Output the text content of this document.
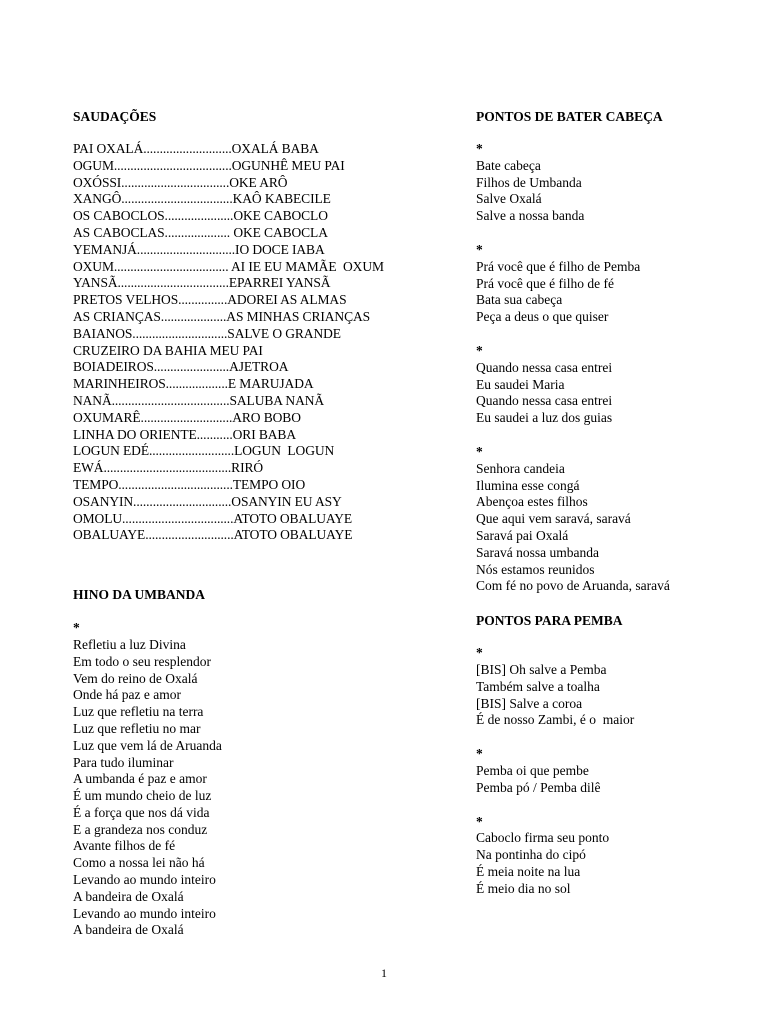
SAUDAÇÕES
PAI OXALÁ...........................OXALÁ BABA
OGUM....................................OGUNHÊ MEU PAI
OXÓSSI.................................OKE ARÔ
XANGÔ..................................KAÔ KABECILE
OS CABOCLOS.....................OKE CABOCLO
AS CABOCLAS.................... OKE CABOCLA
YEMANJÁ..............................IO DOCE IABA
OXUM................................... AI IE EU MAMÃE  OXUM
YANSÃ..................................EPARREI YANSÃ
PRETOS VELHOS...............ADOREI AS ALMAS
AS CRIANÇAS....................AS MINHAS CRIANÇAS
BAIANOS.............................SALVE O GRANDE
CRUZEIRO DA BAHIA MEU PAI
BOIADEIROS.......................AJETROA
MARINHEIROS...................E MARUJADA
NANÃ....................................SALUBA NANÃ
OXUMARÊ............................ARO BOBO
LINHA DO ORIENTE...........ORI BABA
LOGUN EDÉ..........................LOGUN  LOGUN
EWÁ.......................................RIRÓ
TEMPO...................................TEMPO OIO
OSANYIN..............................OSANYIN EU ASY
OMOLU..................................ATOTO OBALUAYE
OBALUAYE...........................ATOTO OBALUAYE
HINO DA UMBANDA
*
Refletiu a luz Divina
Em todo o seu resplendor
Vem do reino de Oxalá
Onde há paz e amor
Luz que refletiu na terra
Luz que refletiu no mar
Luz que vem lá de Aruanda
Para tudo iluminar
A umbanda é paz e amor
É um mundo cheio de luz
É a força que nos dá vida
E a grandeza nos conduz
Avante filhos de fé
Como a nossa lei não há
Levando ao mundo inteiro
A bandeira de Oxalá
Levando ao mundo inteiro
A bandeira de Oxalá
PONTOS DE BATER CABEÇA
*
Bate cabeça
Filhos de Umbanda
Salve Oxalá
Salve a nossa banda
*
Prá você que é filho de Pemba
Prá você que é filho de fé
Bata sua cabeça
Peça a deus o que quiser
*
Quando nessa casa entrei
Eu saudei Maria
Quando nessa casa entrei
Eu saudei a luz dos guias
*
Senhora candeia
Ilumina esse congá
Abençoa estes filhos
Que aqui vem saravá, saravá
Saravá pai Oxalá
Saravá nossa umbanda
Nós estamos reunidos
Com fé no povo de Aruanda, saravá
PONTOS PARA PEMBA
*
[BIS] Oh salve a Pemba
Também salve a toalha
[BIS] Salve a coroa
É de nosso Zambi, é o  maior
*
Pemba oi que pembe
Pemba pó / Pemba dilê
*
Caboclo firma seu ponto
Na pontinha do cipó
É meia noite na lua
É meio dia no sol
1
